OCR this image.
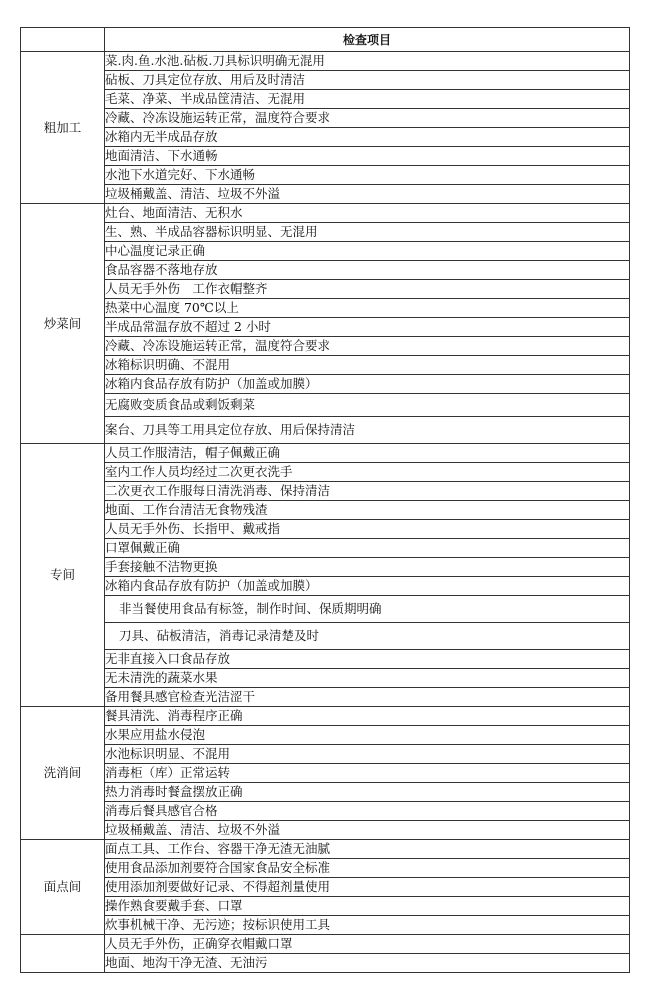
	检查项目
粗加工	菜.肉.鱼.水池.砧板.刀具标识明确无混用
	砧板、刀具定位存放、用后及时清洁
	毛菜、净菜、半成品筐清洁、无混用
	冷藏、冷冻设施运转正常，温度符合要求
	冰箱内无半成品存放
	地面清洁、下水通畅
	水池下水道完好、下水通畅
	垃圾桶戴盖、清洁、垃圾不外溢
炒菜间	灶台、地面清洁、无积水
	生、熟、半成品容器标识明显、无混用
	中心温度记录正确
	食品容器不落地存放
	人员无手外伤　工作衣帽整齐
	热菜中心温度 70℃以上
	半成品常温存放不超过 2 小时
	冷藏、冷冻设施运转正常，温度符合要求
	冰箱标识明确、不混用
	冰箱内食品存放有防护（加盖或加膜）
	无腐败变质食品或剩饭剩菜
	案台、刀具等工用具定位存放、用后保持清洁
专间	人员工作服清洁，帽子佩戴正确
	室内工作人员均经过二次更衣洗手
	二次更衣工作服每日清洗消毒、保持清洁
	地面、工作台清洁无食物残渣
	人员无手外伤、长指甲、戴戒指
	口罩佩戴正确
	手套接触不洁物更换
	冰箱内食品存放有防护（加盖或加膜）
	非当餐使用食品有标签，制作时间、保质期明确
	刀具、砧板清洁，消毒记录清楚及时
	无非直接入口食品存放
	无未清洗的蔬菜水果
	备用餐具感官检查光洁涩干
洗消间	餐具清洗、消毒程序正确
	水果应用盐水侵泡
	水池标识明显、不混用
	消毒柜（库）正常运转
	热力消毒时餐盒摆放正确
	消毒后餐具感官合格
	垃圾桶戴盖、清洁、垃圾不外溢
面点间	面点工具、工作台、容器干净无渣无油腻
	使用食品添加剂要符合国家食品安全标准
	使用添加剂要做好记录、不得超剂量使用
	操作熟食要戴手套、口罩
	炊事机械干净、无污迹；按标识使用工具
	人员无手外伤，正确穿衣帽戴口罩
	地面、地沟干净无渣、无油污
